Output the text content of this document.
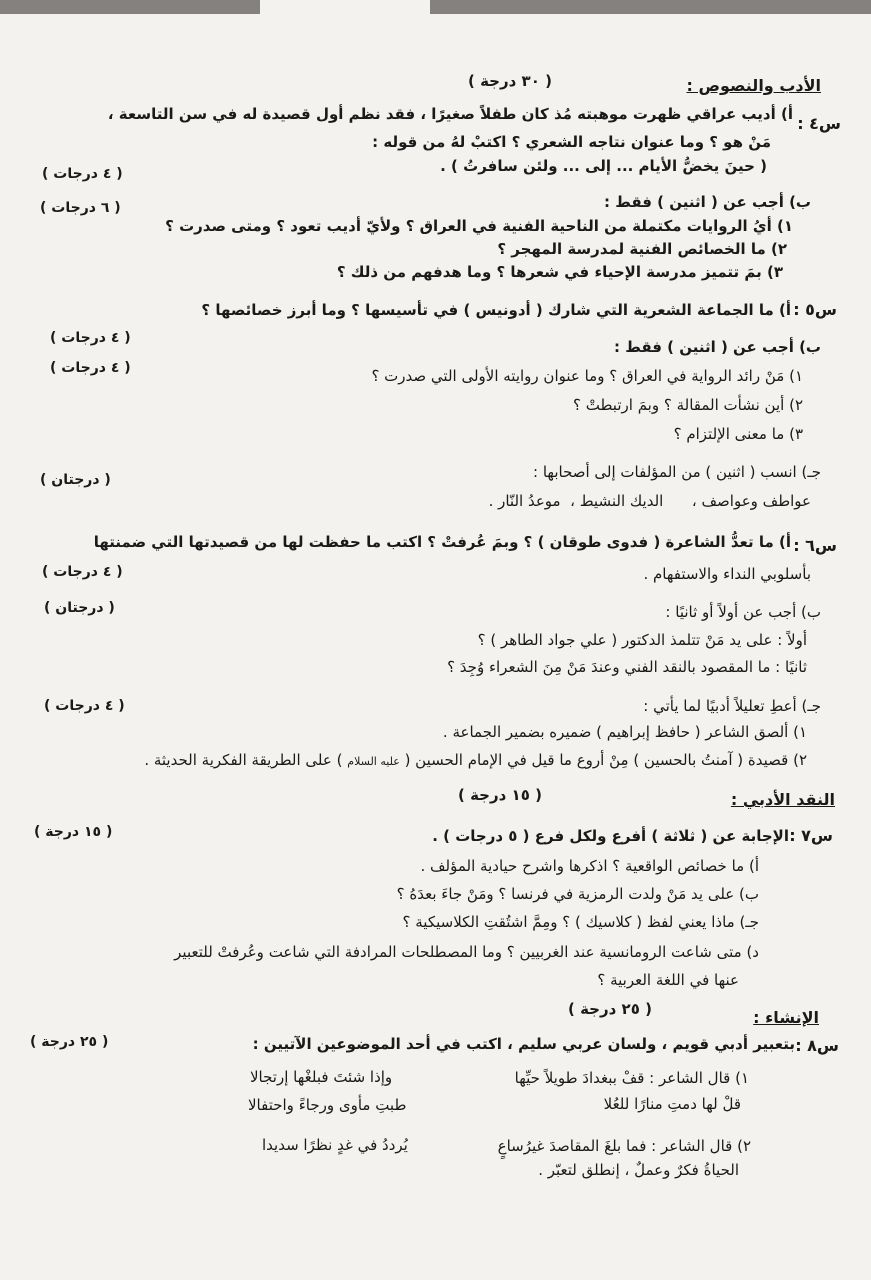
الأدب والنصوص :
( ٣٠ درجة )
س٤ :
أ) أديب عراقي ظهرت موهبته مُذ كان طفلاً صغيرًا ، فقد نظم أول قصيدة له في سن التاسعة ،
مَنْ هو ؟ وما عنوان نتاجه الشعري ؟ اكتبْ لهُ من قوله :
( حينَ يخضُّ الأيام ... إلى ... ولئن سافرتُ ) .
( ٤ درجات )
ب) أجب عن ( اثنين ) فقط :
( ٦ درجات )
١) أيُ الروايات مكتملة من الناحية الفنية في العراق ؟ ولأيّ أديب تعود ؟ ومتى صدرت ؟
٢) ما الخصائص الفنية لمدرسة المهجر ؟
٣) بمَ تتميز مدرسة الإحياء في شعرها ؟ وما هدفهم من ذلك ؟
س٥ :
أ) ما الجماعة الشعرية التي شارك ( أدونيس ) في تأسيسها ؟ وما أبرز خصائصها ؟
( ٤ درجات )	ب) أجب عن ( اثنين ) فقط :
( ٤ درجات )	١) مَنْ رائد الرواية في العراق ؟ وما عنوان روايته الأولى التي صدرت ؟
٢) أين نشأت المقالة ؟ وبمَ ارتبطتْ ؟
٣) ما معنى الإلتزام ؟
جـ) انسب ( اثنين ) من المؤلفات إلى أصحابها :
( درجتان )
عواطف وعواصف ،      الديك النشيط ،  موعدُ النّار .
س٦ :
أ) ما تعدُّ الشاعرة ( فدوى طوقان ) ؟ وبمَ عُرفتْ ؟ اكتب ما حفظت لها من قصيدتها التي ضمنتها
بأسلوبي النداء والاستفهام .
( ٤ درجات )
ب) أجب عن أولاً أو ثانيًا :
( درجتان )
أولاً : على يد مَنْ تتلمذ الدكتور ( علي جواد الطاهر ) ؟
ثانيًا : ما المقصود بالنقد الفني وعندَ مَنْ مِنَ الشعراء وُجِدَ ؟
جـ) أعطِ تعليلاً أدبيًا لما يأتي :
( ٤ درجات )
١) ألصق الشاعر ( حافظ إبراهيم ) ضميره بضمير الجماعة .
٢) قصيدة ( آمنتُ بالحسين ) مِنْ أروع ما قيل في الإمام الحسين ( عليه السلام ) على الطريقة الفكرية الحديثة .
النقد الأدبي :
( ١٥ درجة )
س٧ :
الإجابة عن ( ثلاثة ) أفرع ولكل فرع ( ٥ درجات ) .
( ١٥ درجة )
أ) ما خصائص الواقعية ؟ اذكرها واشرح حيادية المؤلف .
ب) على يد مَنْ ولدت الرمزية في فرنسا ؟ ومَنْ جاءَ بعدَهُ ؟
جـ) ماذا يعني لفظ ( كلاسيك ) ؟ ومِمَّ اشتُقتِ الكلاسيكية ؟
د) متى شاعت الرومانسية عند الغربيين ؟ وما المصطلحات المرادفة التي شاعت وعُرفتْ للتعبير
عنها في اللغة العربية ؟
الإنشاء :
( ٢٥ درجة )
س٨ :
بتعبير أدبي قويم ، ولسان عربي سليم ، اكتب في أحد الموضوعين الآتيين :
( ٢٥ درجة )
١) قال الشاعر : قفْ ببغدادَ طويلاً حيِّها
وإذا شئتَ فبلغْها إرتجالا
قلْ لها دمتِ منارًا للعُلا
طبتِ مأوى ورجاءً واحتفالا
٢) قال الشاعر : فما بلغَ المقاصدَ غيرُساعٍ
يُرددُ في غدٍ نظرًا سديدا
الحياةُ فكرٌ وعملٌ ، إنطلق لتعبّر .
